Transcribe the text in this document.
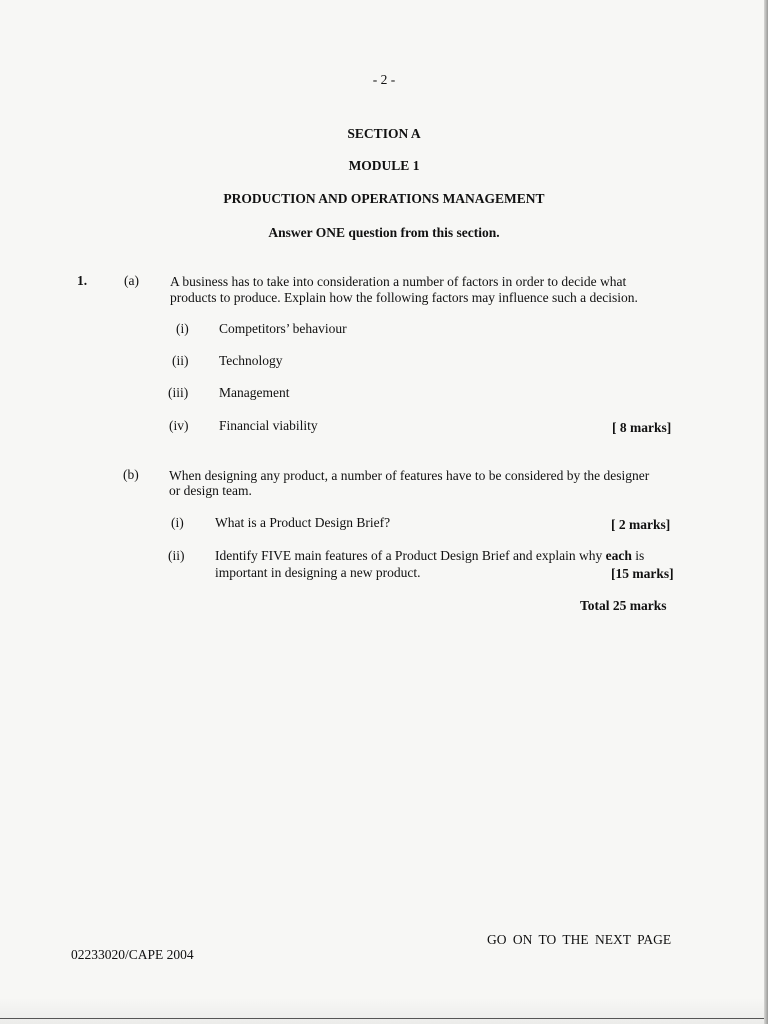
- 2 -
SECTION A
MODULE 1
PRODUCTION AND OPERATIONS MANAGEMENT
Answer ONE question from this section.
1.	(a) A business has to take into consideration a number of factors in order to decide what
products to produce. Explain how the following factors may influence such a decision.
(i) Competitors’ behaviour
(ii) Technology
(iii) Management
(iv) Financial viability	[ 8 marks]
(b) When designing any product, a number of features have to be considered by the designer
or design team.
(i) What is a Product Design Brief?	[ 2 marks]
(ii) Identify FIVE main features of a Product Design Brief and explain why each is
important in designing a new product.	[15 marks]
Total 25 marks
GO ON TO THE NEXT PAGE
02233020/CAPE 2004
